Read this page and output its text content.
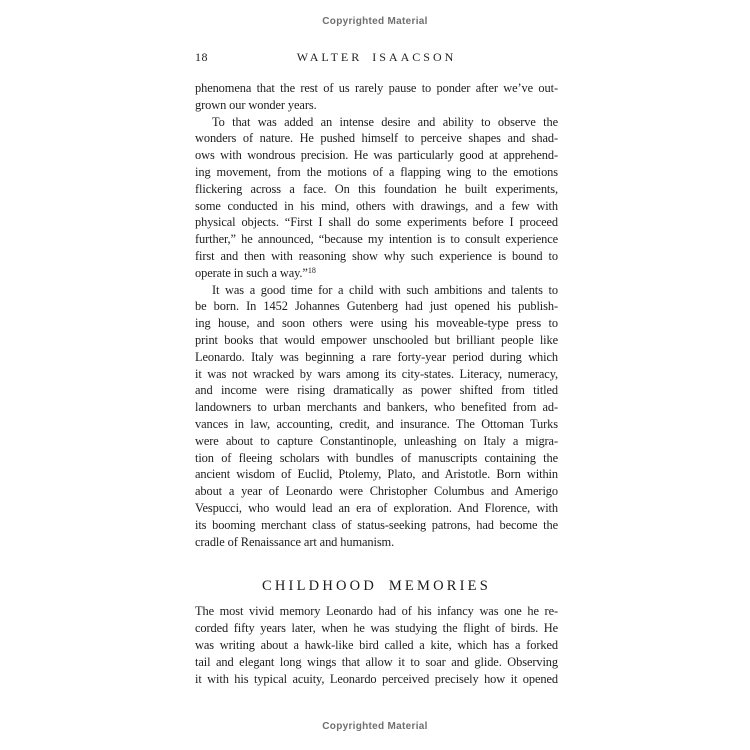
Copyrighted Material
18	WALTER ISAACSON
phenomena that the rest of us rarely pause to ponder after we’ve out-
grown our wonder years.
To that was added an intense desire and ability to observe the
wonders of nature. He pushed himself to perceive shapes and shad-
ows with wondrous precision. He was particularly good at apprehend-
ing movement, from the motions of a flapping wing to the emotions
flickering across a face. On this foundation he built experiments,
some conducted in his mind, others with drawings, and a few with
physical objects. “First I shall do some experiments before I proceed
further,” he announced, “because my intention is to consult experience
first and then with reasoning show why such experience is bound to
operate in such a way.”$^{18}$
It was a good time for a child with such ambitions and talents to
be born. In 1452 Johannes Gutenberg had just opened his publish-
ing house, and soon others were using his moveable-type press to
print books that would empower unschooled but brilliant people like
Leonardo. Italy was beginning a rare forty-year period during which
it was not wracked by wars among its city-states. Literacy, numeracy,
and income were rising dramatically as power shifted from titled
landowners to urban merchants and bankers, who benefited from ad-
vances in law, accounting, credit, and insurance. The Ottoman Turks
were about to capture Constantinople, unleashing on Italy a migra-
tion of fleeing scholars with bundles of manuscripts containing the
ancient wisdom of Euclid, Ptolemy, Plato, and Aristotle. Born within
about a year of Leonardo were Christopher Columbus and Amerigo
Vespucci, who would lead an era of exploration. And Florence, with
its booming merchant class of status-seeking patrons, had become the
cradle of Renaissance art and humanism.
CHILDHOOD MEMORIES
The most vivid memory Leonardo had of his infancy was one he re-
corded fifty years later, when he was studying the flight of birds. He
was writing about a hawk-like bird called a kite, which has a forked
tail and elegant long wings that allow it to soar and glide. Observing
it with his typical acuity, Leonardo perceived precisely how it opened
Copyrighted Material
